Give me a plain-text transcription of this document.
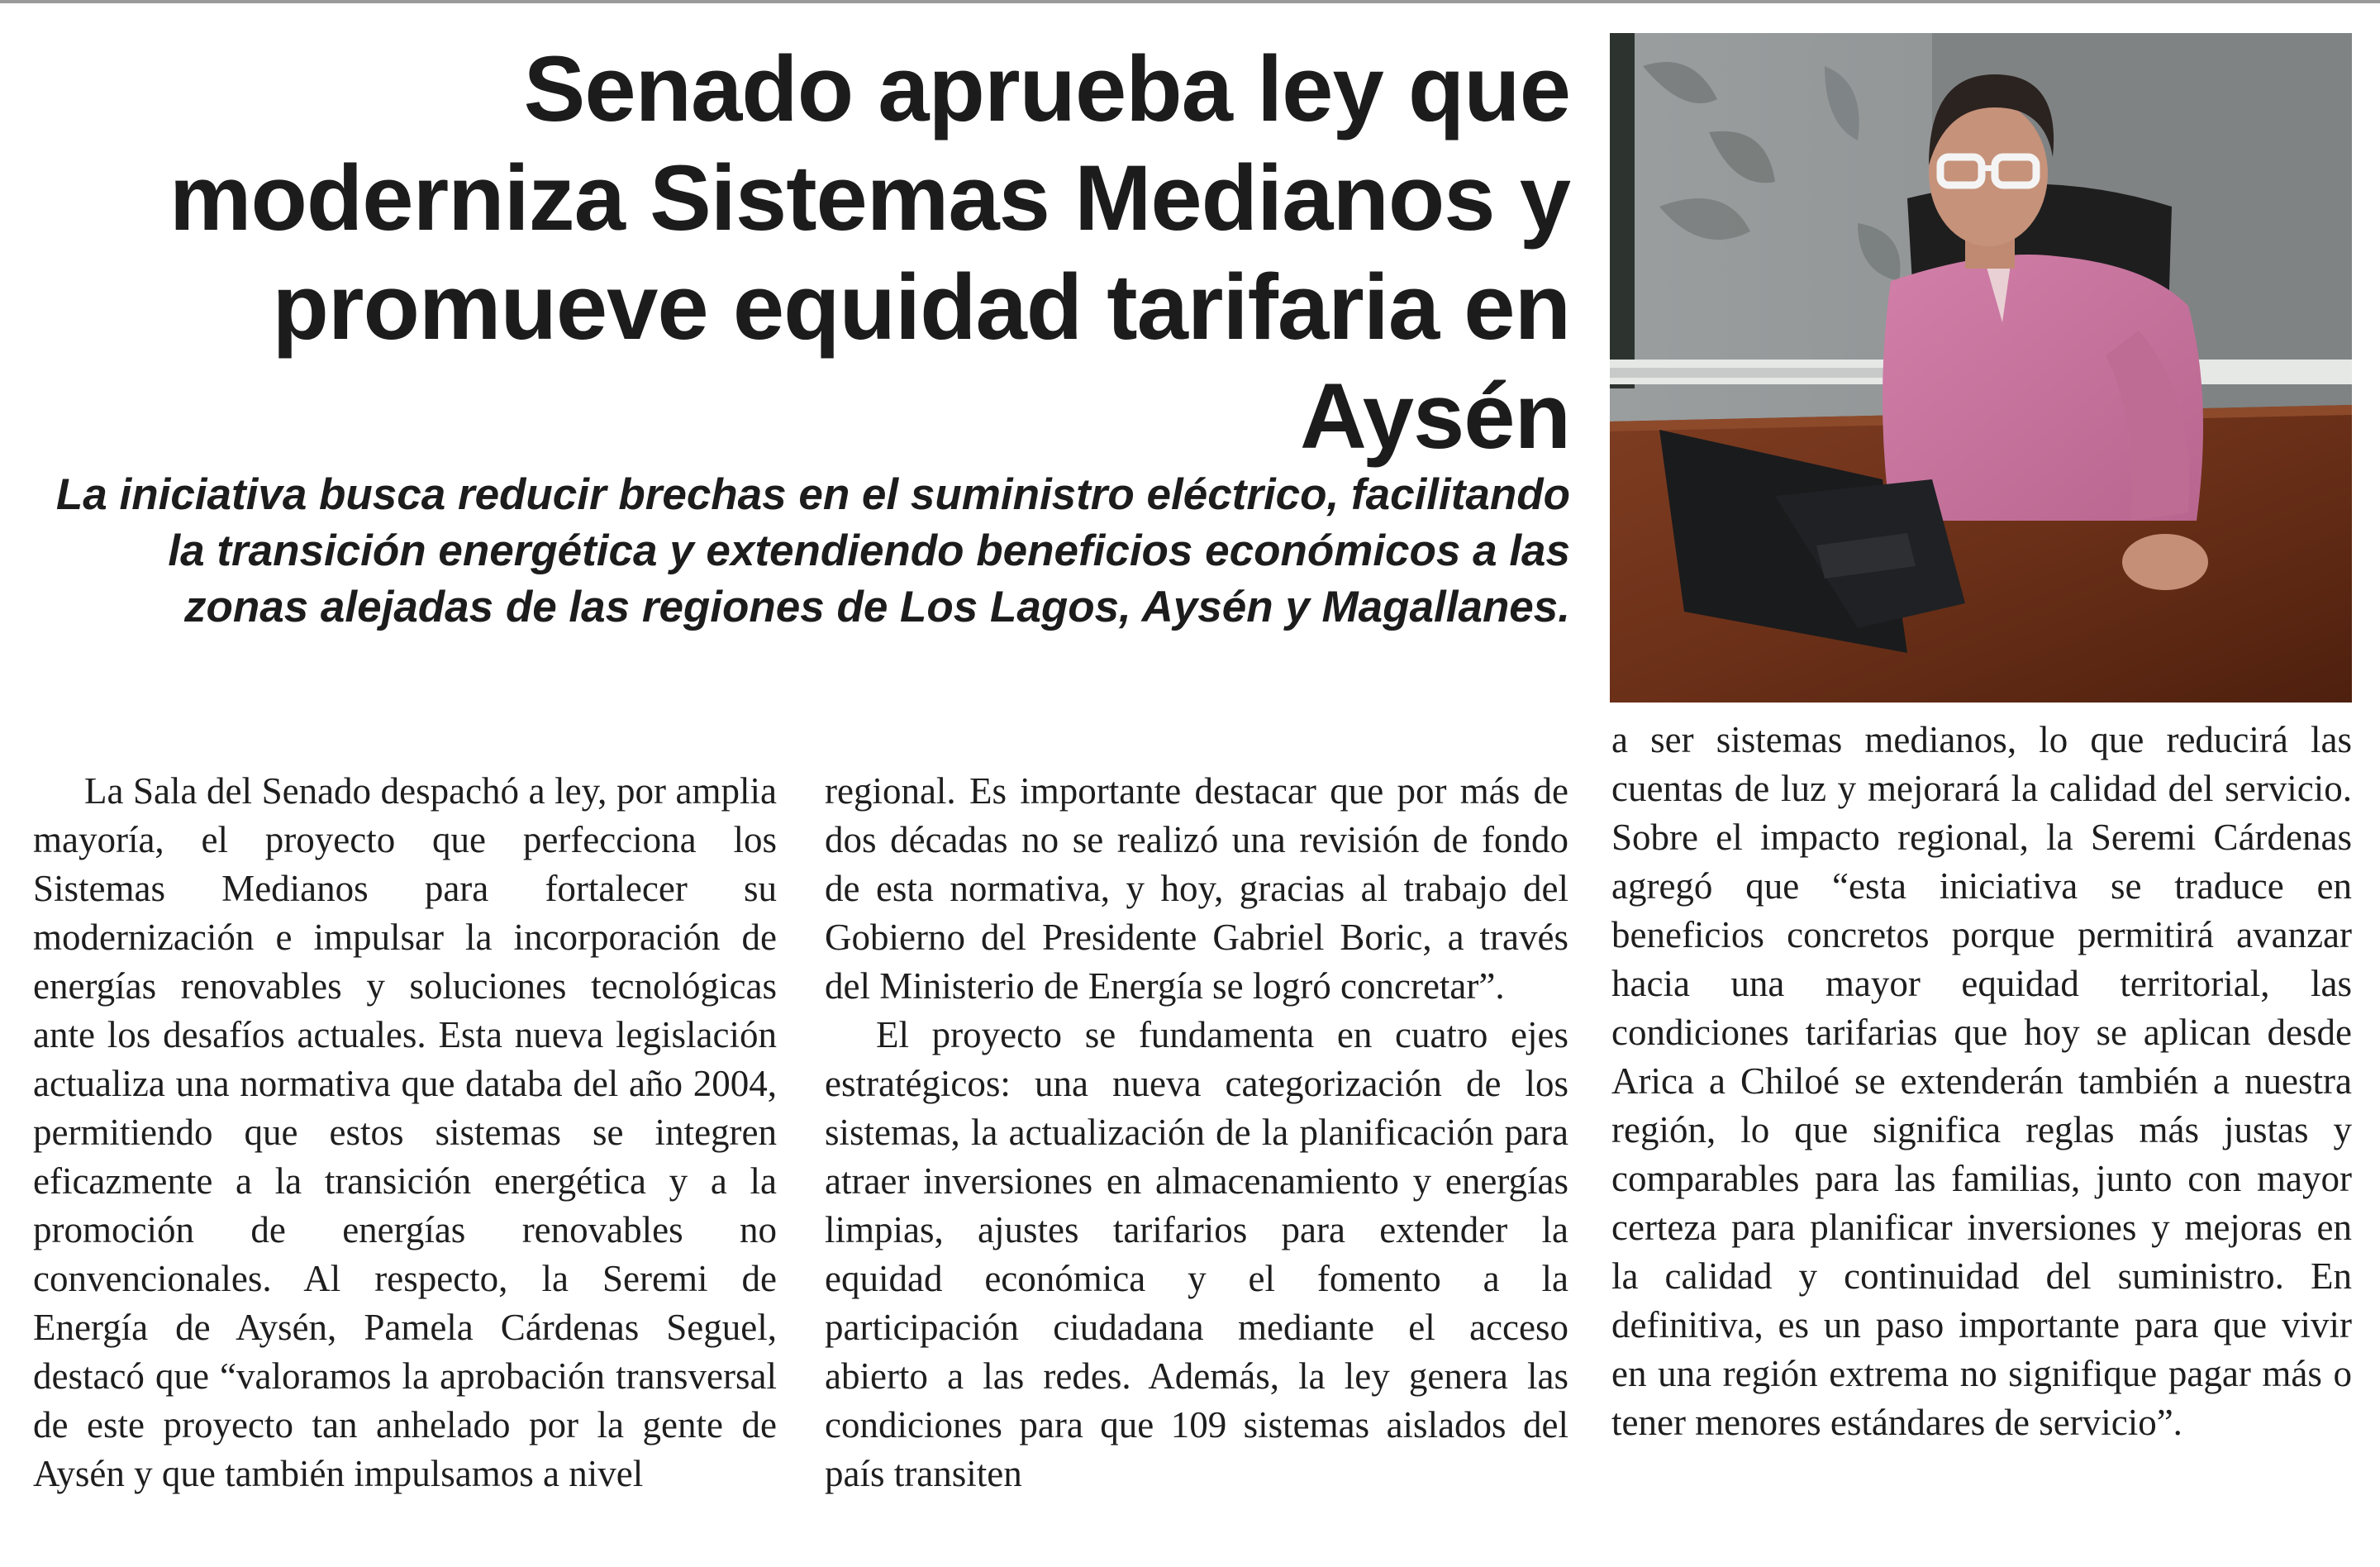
Senado aprueba ley que moderniza Sistemas Medianos y promueve equidad tarifaria en Aysén

La iniciativa busca reducir brechas en el suministro eléctrico, facilitando la transición energética y extendiendo beneficios económicos a las zonas alejadas de las regiones de Los Lagos, Aysén y Magallanes.

La Sala del Senado despachó a ley, por amplia mayoría, el proyecto que perfecciona los Sistemas Medianos para fortalecer su modernización e impulsar la incorporación de energías renovables y soluciones tecnológicas ante los desafíos actuales. Esta nueva legislación actualiza una normativa que databa del año 2004, permitiendo que estos sistemas se integren eficazmente a la transición energética y a la promoción de energías renovables no convencionales. Al respecto, la Seremi de Energía de Aysén, Pamela Cárdenas Seguel, destacó que “valoramos la aprobación transversal de este proyecto tan anhelado por la gente de Aysén y que también impulsamos a nivel

regional. Es importante destacar que por más de dos décadas no se realizó una revisión de fondo de esta normativa, y hoy, gracias al trabajo del Gobierno del Presidente Gabriel Boric, a través del Ministerio de Energía se logró concretar”.

El proyecto se fundamenta en cuatro ejes estratégicos: una nueva categorización de los sistemas, la actualización de la planificación para atraer inversiones en almacenamiento y energías limpias, ajustes tarifarios para extender la equidad económica y el fomento a la participación ciudadana mediante el acceso abierto a las redes. Además, la ley genera las condiciones para que 109 sistemas aislados del país transiten

a ser sistemas medianos, lo que reducirá las cuentas de luz y mejorará la calidad del servicio. Sobre el impacto regional, la Seremi Cárdenas agregó que “esta iniciativa se traduce en beneficios concretos porque permitirá avanzar hacia una mayor equidad territorial, las condiciones tarifarias que hoy se aplican desde Arica a Chiloé se extenderán también a nuestra región, lo que significa reglas más justas y comparables para las familias, junto con mayor certeza para planificar inversiones y mejoras en la calidad y continuidad del suministro. En definitiva, es un paso importante para que vivir en una región extrema no signifique pagar más o tener menores estándares de servicio”.
